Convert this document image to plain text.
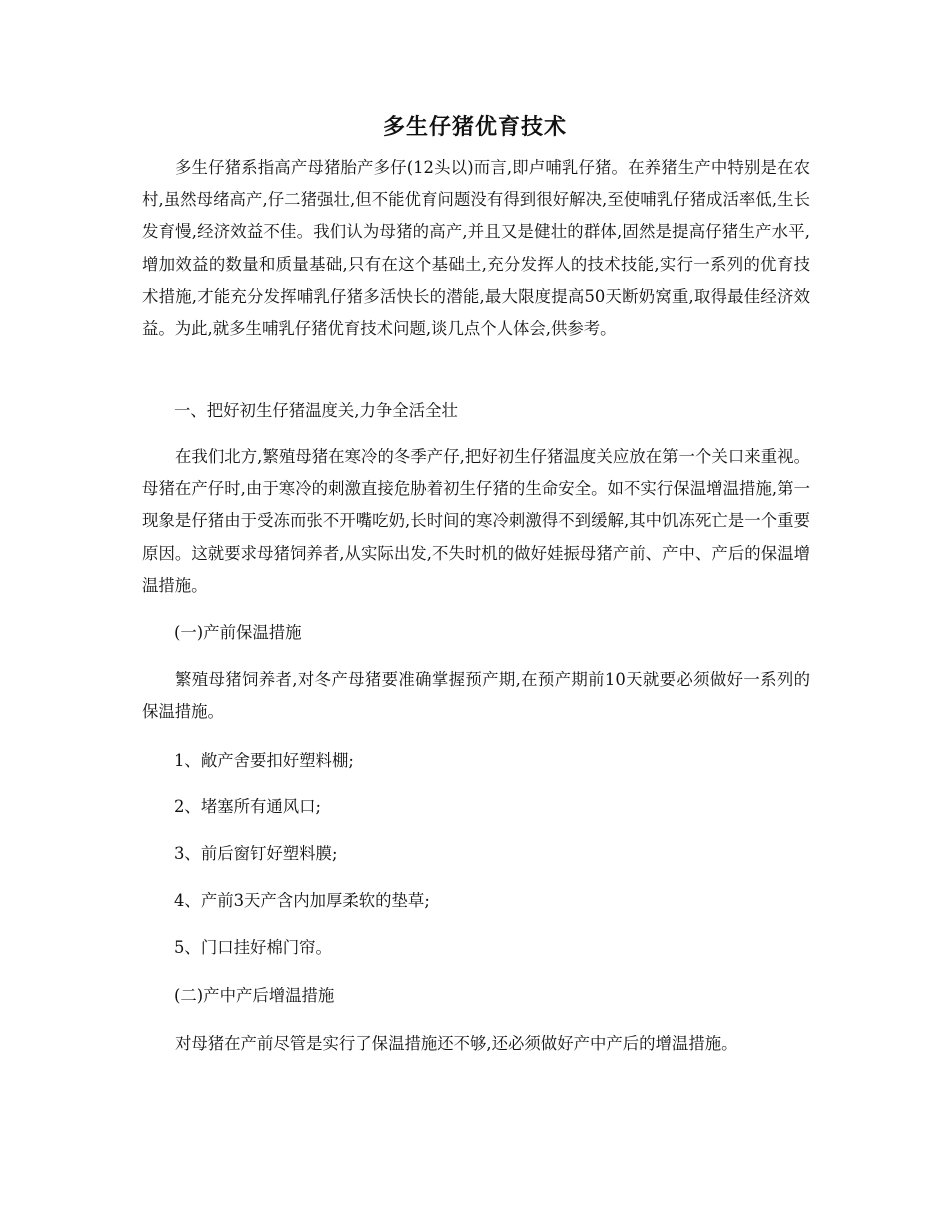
多生仔猪优育技术

多生仔猪系指高产母猪胎产多仔(12头以)而言,即卢哺乳仔猪。在养猪生产中特别是在农村,虽然母绪高产,仔二猪强壮,但不能优育问题没有得到很好解决,至使哺乳仔猪成活率低,生长发育慢,经济效益不佳。我们认为母猪的高产,并且又是健壮的群体,固然是提高仔猪生产水平,增加效益的数量和质量基础,只有在这个基础土,充分发挥人的技术技能,实行一系列的优育技术措施,才能充分发挥哺乳仔猪多活快长的潜能,最大限度提高50天断奶窝重,取得最佳经济效益。为此,就多生哺乳仔猪优育技术问题,谈几点个人体会,供参考。

一、把好初生仔猪温度关,力争全活全壮

在我们北方,繁殖母猪在寒冷的冬季产仔,把好初生仔猪温度关应放在第一个关口来重视。母猪在产仔时,由于寒冷的刺激直接危胁着初生仔猪的生命安全。如不实行保温增温措施,第一现象是仔猪由于受冻而张不开嘴吃奶,长时间的寒冷刺激得不到缓解,其中饥冻死亡是一个重要原因。这就要求母猪饲养者,从实际出发,不失时机的做好娃振母猪产前、产中、产后的保温增温措施。

(一)产前保温措施

繁殖母猪饲养者,对冬产母猪要准确掌握预产期,在预产期前10天就要必须做好一系列的保温措施。

1、敞产舍要扣好塑料棚;

2、堵塞所有通风口;

3、前后窗钉好塑料膜;

4、产前3天产含内加厚柔软的垫草;

5、门口挂好棉门帘。

(二)产中产后增温措施

对母猪在产前尽管是实行了保温措施还不够,还必须做好产中产后的增温措施。
